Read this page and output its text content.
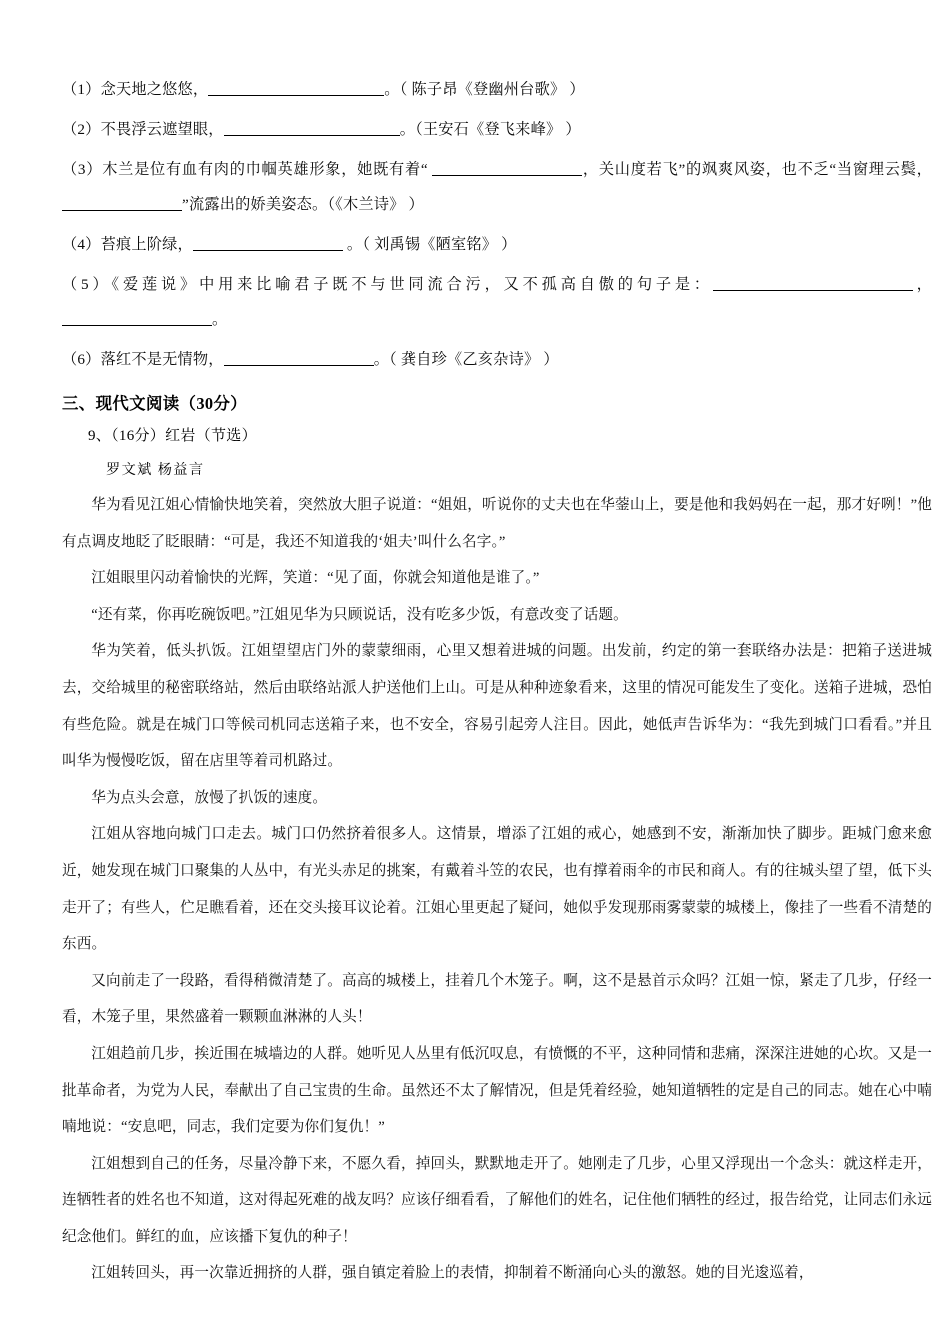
（1）念天地之悠悠，	。（ 陈子昂《登幽州台歌》 ）

（2）不畏浮云遮望眼，	。（王安石《登飞来峰》 ）

（3）木兰是位有血有肉的巾帼英雄形象，她既有着“	，关山度若飞”的飒爽风姿，也不乏“当窗理云鬓，”流露出的娇美姿态。（《木兰诗》 ）

（4）苔痕上阶绿，	。（ 刘禹锡《陋室铭》 ）

（5）《爱莲说》中用来比喻君子既不与世同流合污，又不孤高自傲的句子是：	，。

（6）落红不是无情物，	。（ 龚自珍《乙亥杂诗》 ）

三、现代文阅读（30分）
9、（16分）红岩（节选）
罗文斌 杨益言

华为看见江姐心情愉快地笑着，突然放大胆子说道：“姐姐，听说你的丈夫也在华蓥山上，要是他和我妈妈在一起，那才好咧！”他有点调皮地眨了眨眼睛：“可是，我还不知道我的‘姐夫’叫什么名字。”

江姐眼里闪动着愉快的光辉，笑道：“见了面，你就会知道他是谁了。”

“还有菜，你再吃碗饭吧。”江姐见华为只顾说话，没有吃多少饭，有意改变了话题。

华为笑着，低头扒饭。江姐望望店门外的蒙蒙细雨，心里又想着进城的问题。出发前，约定的第一套联络办法是：把箱子送进城去，交给城里的秘密联络站，然后由联络站派人护送他们上山。可是从种种迹象看来，这里的情况可能发生了变化。送箱子进城，恐怕有些危险。就是在城门口等候司机同志送箱子来，也不安全，容易引起旁人注目。因此，她低声告诉华为：“我先到城门口看看。”并且叫华为慢慢吃饭，留在店里等着司机路过。

华为点头会意，放慢了扒饭的速度。

江姐从容地向城门口走去。城门口仍然挤着很多人。这情景，增添了江姐的戒心，她感到不安，渐渐加快了脚步。距城门愈来愈近，她发现在城门口聚集的人丛中，有光头赤足的挑案，有戴着斗笠的农民，也有撑着雨伞的市民和商人。有的往城头望了望，低下头走开了；有些人，伫足瞧看着，还在交头接耳议论着。江姐心里更起了疑问，她似乎发现那雨雾蒙蒙的城楼上，像挂了一些看不清楚的东西。

又向前走了一段路，看得稍微清楚了。高高的城楼上，挂着几个木笼子。啊，这不是悬首示众吗？江姐一惊，紧走了几步，仔经一看，木笼子里，果然盛着一颗颗血淋淋的人头！

江姐趋前几步，挨近围在城墙边的人群。她听见人丛里有低沉叹息，有愤慨的不平，这种同情和悲痛，深深注进她的心坎。又是一批革命者，为党为人民，奉献出了自己宝贵的生命。虽然还不太了解情况，但是凭着经验，她知道牺牲的定是自己的同志。她在心中喃喃地说：“安息吧，同志，我们定要为你们复仇！”

江姐想到自己的任务，尽量冷静下来，不愿久看，掉回头，默默地走开了。她刚走了几步，心里又浮现出一个念头：就这样走开，连牺牲者的姓名也不知道，这对得起死难的战友吗？应该仔细看看，了解他们的姓名，记住他们牺牲的经过，报告给党，让同志们永远纪念他们。鲜红的血，应该播下复仇的种子！

江姐转回头，再一次靠近拥挤的人群，强自镇定着脸上的表情，抑制着不断涌向心头的激怒。她的目光逡巡着，
